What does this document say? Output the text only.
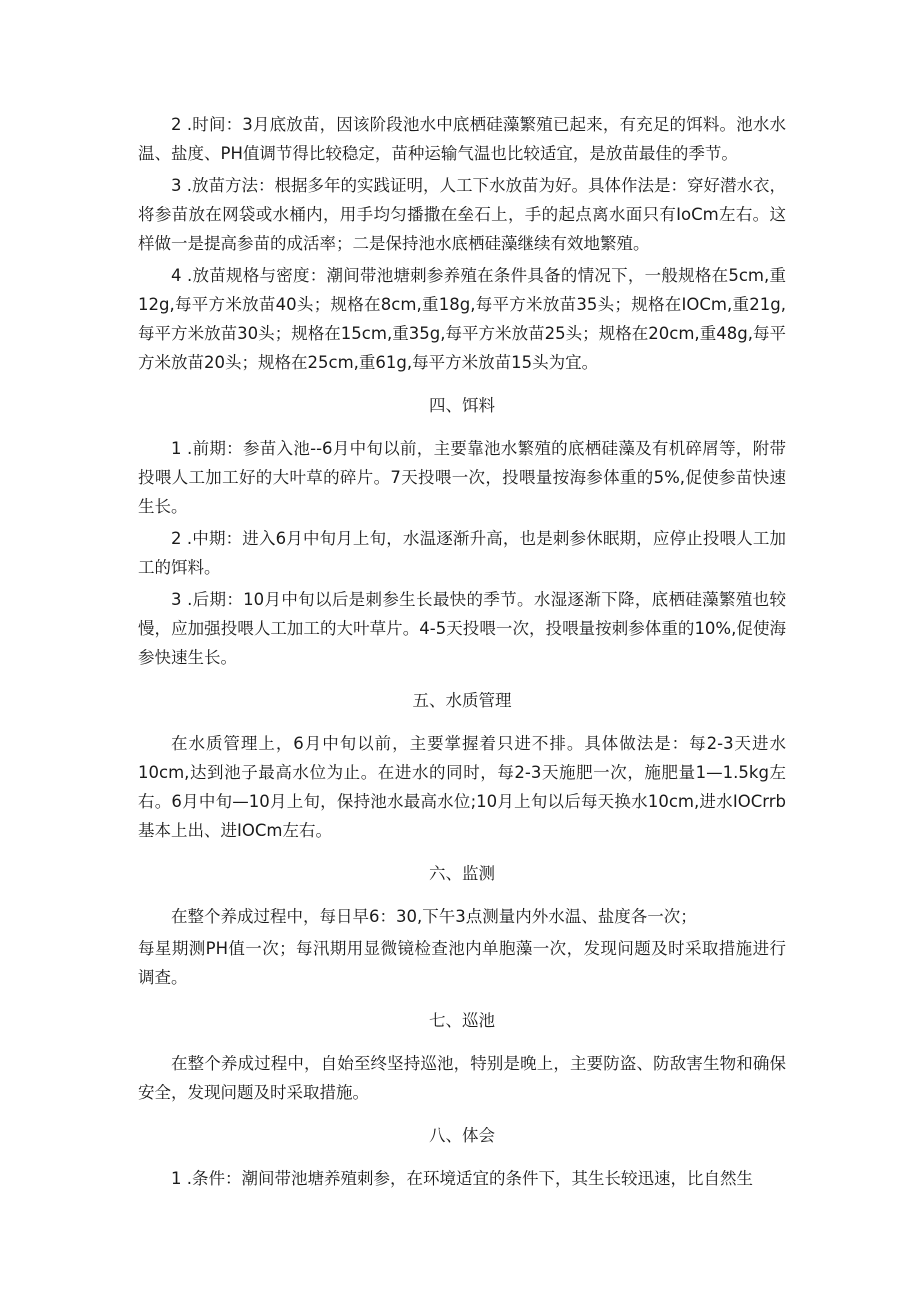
2 .时间：3月底放苗，因该阶段池水中底栖硅藻繁殖已起来，有充足的饵料。池水水温、盐度、PH值调节得比较稳定，苗种运输气温也比较适宜，是放苗最佳的季节。

3 .放苗方法：根据多年的实践证明，人工下水放苗为好。具体作法是：穿好潜水衣，将参苗放在网袋或水桶内，用手均匀播撒在垒石上，手的起点离水面只有IoCm左右。这样做一是提高参苗的成活率；二是保持池水底栖硅藻继续有效地繁殖。

4 .放苗规格与密度：潮间带池塘刺参养殖在条件具备的情况下，一般规格在5cm,重12g,每平方米放苗40头；规格在8cm,重18g,每平方米放苗35头；规格在IOCm,重21g,每平方米放苗30头；规格在15cm,重35g,每平方米放苗25头；规格在20cm,重48g,每平方米放苗20头；规格在25cm,重61g,每平方米放苗15头为宜。

四、饵料

1 .前期：参苗入池--6月中旬以前，主要靠池水繁殖的底栖硅藻及有机碎屑等，附带投喂人工加工好的大叶草的碎片。7天投喂一次，投喂量按海参体重的5%,促使参苗快速生长。

2 .中期：进入6月中旬月上旬，水温逐渐升高，也是刺参休眠期，应停止投喂人工加工的饵料。

3 .后期：10月中旬以后是刺参生长最快的季节。水湿逐渐下降，底栖硅藻繁殖也较慢，应加强投喂人工加工的大叶草片。4-5天投喂一次，投喂量按刺参体重的10%,促使海参快速生长。

五、水质管理

在水质管理上，6月中旬以前，主要掌握着只进不排。具体做法是：每2-3天进水10cm,达到池子最高水位为止。在进水的同时，每2-3天施肥一次，施肥量1—1.5kg左右。6月中旬—10月上旬，保持池水最高水位;10月上旬以后每天换水10cm,进水IOCrrb基本上出、进IOCm左右。

六、监测

在整个养成过程中，每日早6：30,下午3点测量内外水温、盐度各一次；

每星期测PH值一次；每汛期用显微镜检查池内单胞藻一次，发现问题及时采取措施进行调查。

七、巡池

在整个养成过程中，自始至终坚持巡池，特别是晚上，主要防盗、防敌害生物和确保安全，发现问题及时采取措施。

八、体会

1 .条件：潮间带池塘养殖刺参，在环境适宜的条件下，其生长较迅速，比自然生
